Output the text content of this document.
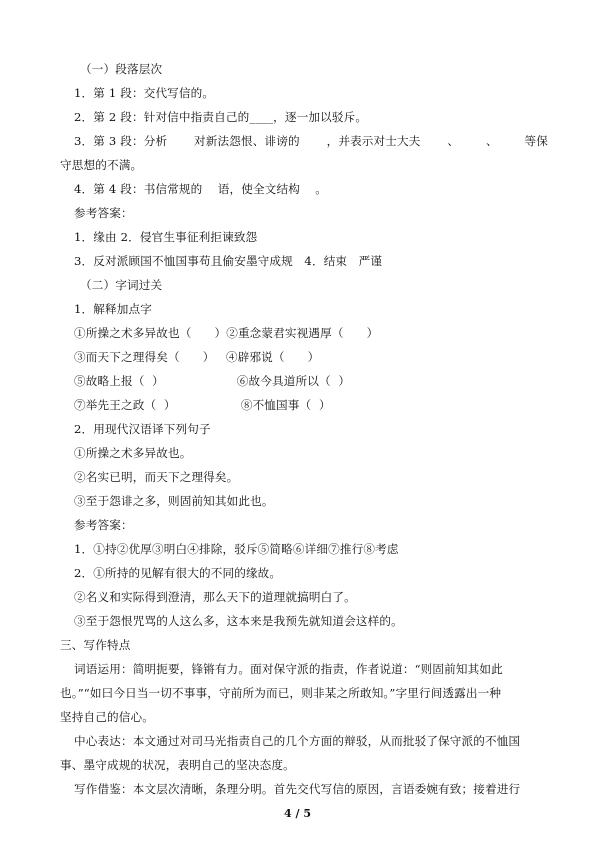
（一）段落层次
1．第 1 段：交代写信的。
2．第 2 段：针对信中指责自己的____，逐一加以驳斥。
3．第 3 段：分析       对新法怨恨、诽谤的       ，并表示对士大夫       、       、       等保
守思想的不满。
4．第 4 段：书信常规的    语，使全文结构    。
参考答案：
1．缘由 2．侵官生事征利拒谏致怨
3．反对派顾国不恤国事苟且偷安墨守成规   4．结束   严谨
（二）字词过关
1．解释加点字
①所操之术多异故也（      ）②重念蒙君实视遇厚（      ）
③而天下之理得矣（      ）   ④辟邪说（      ）
⑤故略上报（  ）                   ⑥故今具道所以（  ）
⑦举先王之政（  ）                 ⑧不恤国事（  ）
2．用现代汉语译下列句子
①所操之术多异故也。
②名实已明，而天下之理得矣。
③至于怨诽之多，则固前知其如此也。
参考答案：
1．①持②优厚③明白④排除，驳斥⑤简略⑥详细⑦推行⑧考虑
2．①所持的见解有很大的不同的缘故。
②名义和实际得到澄清，那么天下的道理就搞明白了。
③至于怨恨咒骂的人这么多，这本来是我预先就知道会这样的。
三、写作特点
词语运用：简明扼要，锋锵有力。面对保守派的指责，作者说道：“则固前知其如此
也。”“如曰今日当一切不事事，守前所为而已，则非某之所敢知。”字里行间透露出一种
坚持自己的信心。
中心表达：本文通过对司马光指责自己的几个方面的辩驳，从而批驳了保守派的不恤国
事、墨守成规的状况，表明自己的坚决态度。
写作借鉴：本文层次清晰，条理分明。首先交代写信的原因，言语委婉有致；接着进行
4 / 5
